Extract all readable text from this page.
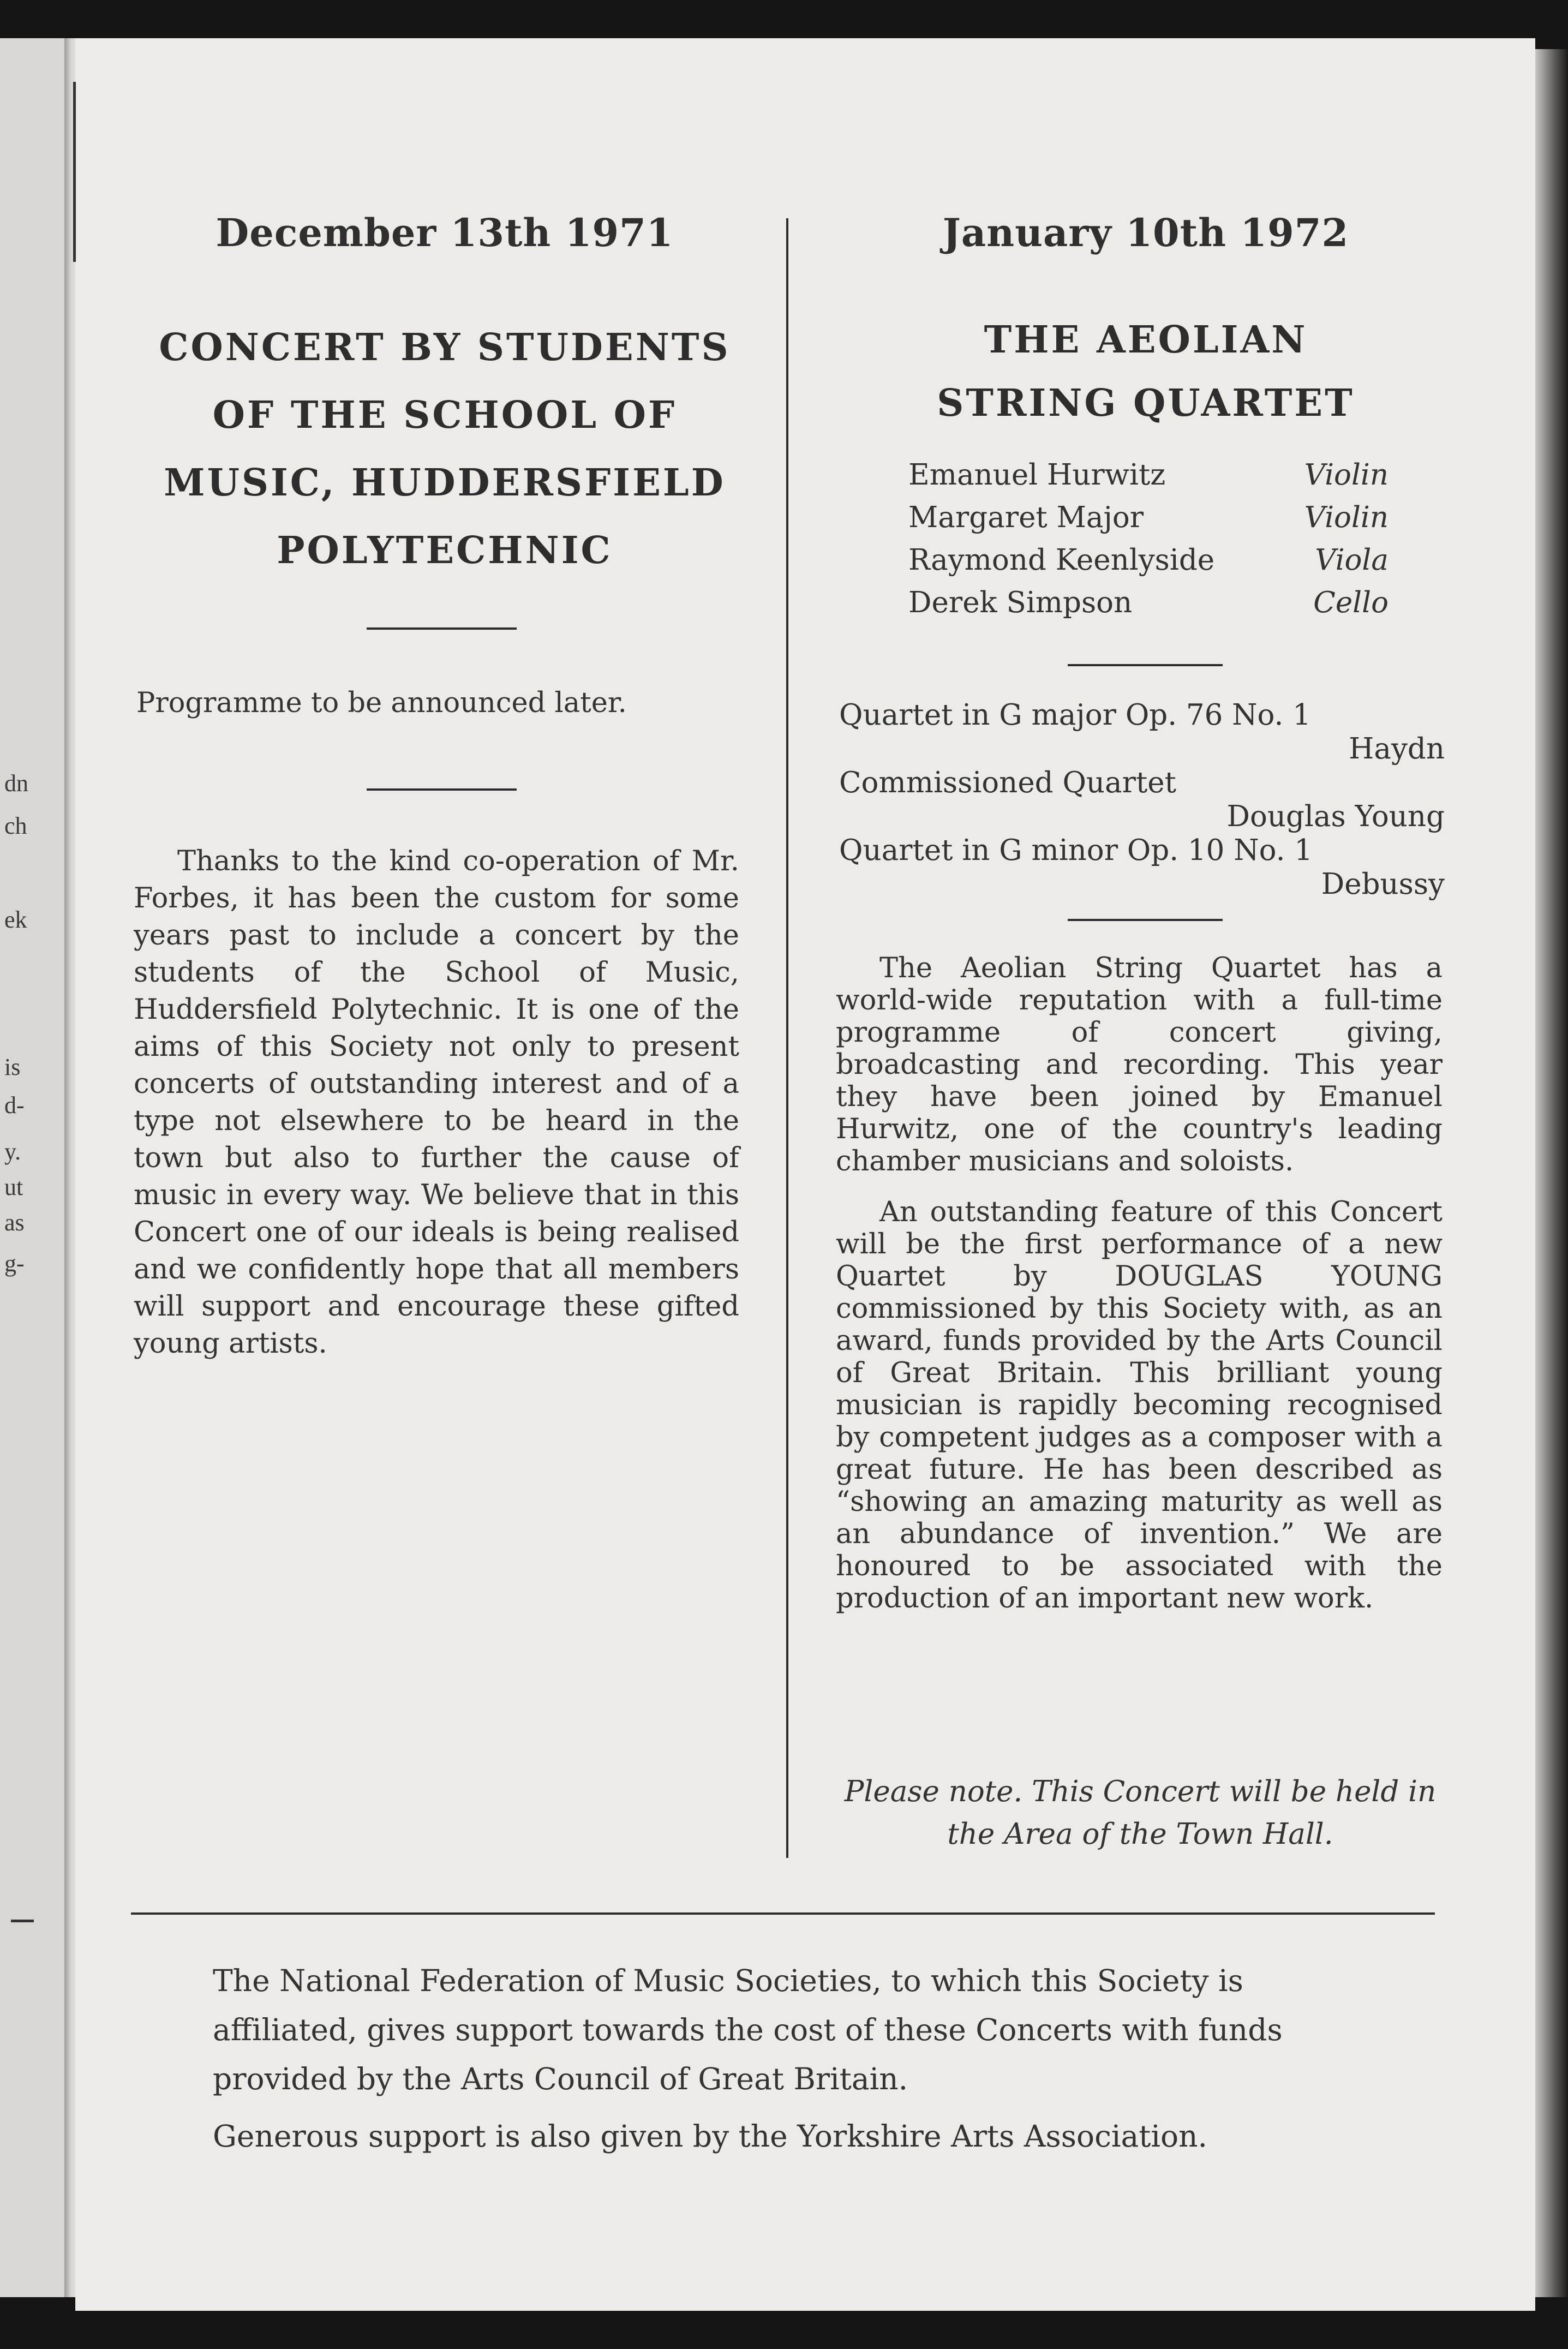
dn
ch
ek
is
d-
y.
ut
as
g-
December 13th 1971
CONCERT BY STUDENTS
OF THE SCHOOL OF
MUSIC, HUDDERSFIELD
POLYTECHNIC
Programme to be announced later.

Thanks to the kind co-operation of Mr. Forbes, it has been the custom for some years past to include a concert by the students of the School of Music, Huddersfield Polytechnic. It is one of the aims of this Society not only to present concerts of outstanding interest and of a type not elsewhere to be heard in the town but also to further the cause of music in every way. We believe that in this Concert one of our ideals is being realised and we confidently hope that all members will support and encourage these gifted young artists.

January 10th 1972
THE AEOLIAN
STRING QUARTET
Emanuel Hurwitz	Violin
Margaret Major	Violin
Raymond Keenlyside	Viola
Derek Simpson	Cello
Quartet in G major Op. 76 No. 1
Haydn
Commissioned Quartet
Douglas Young
Quartet in G minor Op. 10 No. 1
Debussy

The Aeolian String Quartet has a world-wide reputation with a full-time programme of concert giving, broadcasting and recording. This year they have been joined by Emanuel Hurwitz, one of the country's leading chamber musicians and soloists.

An outstanding feature of this Concert will be the first performance of a new Quartet by DOUGLAS YOUNG commissioned by this Society with, as an award, funds provided by the Arts Council of Great Britain. This brilliant young musician is rapidly becoming recognised by competent judges as a composer with a great future. He has been described as “showing an amazing maturity as well as an abundance of invention.” We are honoured to be associated with the production of an important new work.

Please note. This Concert will be held in the Area of the Town Hall.
The National Federation of Music Societies, to which this Society is affiliated, gives support towards the cost of these Concerts with funds provided by the Arts Council of Great Britain.
Generous support is also given by the Yorkshire Arts Association.
